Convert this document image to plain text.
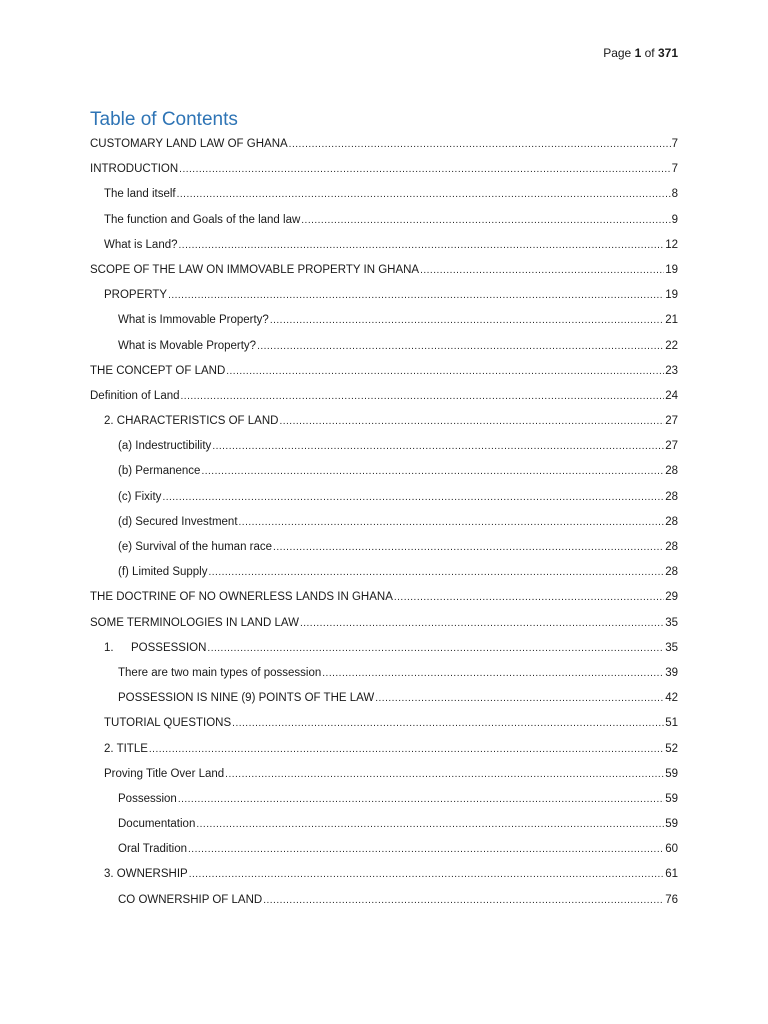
Page 1 of 371
Table of Contents
CUSTOMARY LAND LAW OF GHANA .....	7
INTRODUCTION .....	7
The land itself .....	8
The function and Goals of the land law .....	9
What is Land? .....	12
SCOPE OF THE LAW ON IMMOVABLE PROPERTY IN GHANA .....	19
PROPERTY .....	19
What is Immovable Property? .....	21
What is Movable Property? .....	22
THE CONCEPT OF LAND .....	23
Definition of Land .....	24
2. CHARACTERISTICS OF LAND .....	27
(a) Indestructibility .....	27
(b) Permanence .....	28
(c) Fixity .....	28
(d) Secured Investment .....	28
(e) Survival of the human race .....	28
(f) Limited Supply .....	28
THE DOCTRINE OF NO OWNERLESS LANDS IN GHANA .....	29
SOME TERMINOLOGIES IN LAND LAW .....	35
1. POSSESSION .....	35
There are two main types of possession .....	39
POSSESSION IS NINE (9) POINTS OF THE LAW .....	42
TUTORIAL QUESTIONS .....	51
2. TITLE .....	52
Proving Title Over Land .....	59
Possession .....	59
Documentation .....	59
Oral Tradition .....	60
3. OWNERSHIP .....	61
CO OWNERSHIP OF LAND .....	76
